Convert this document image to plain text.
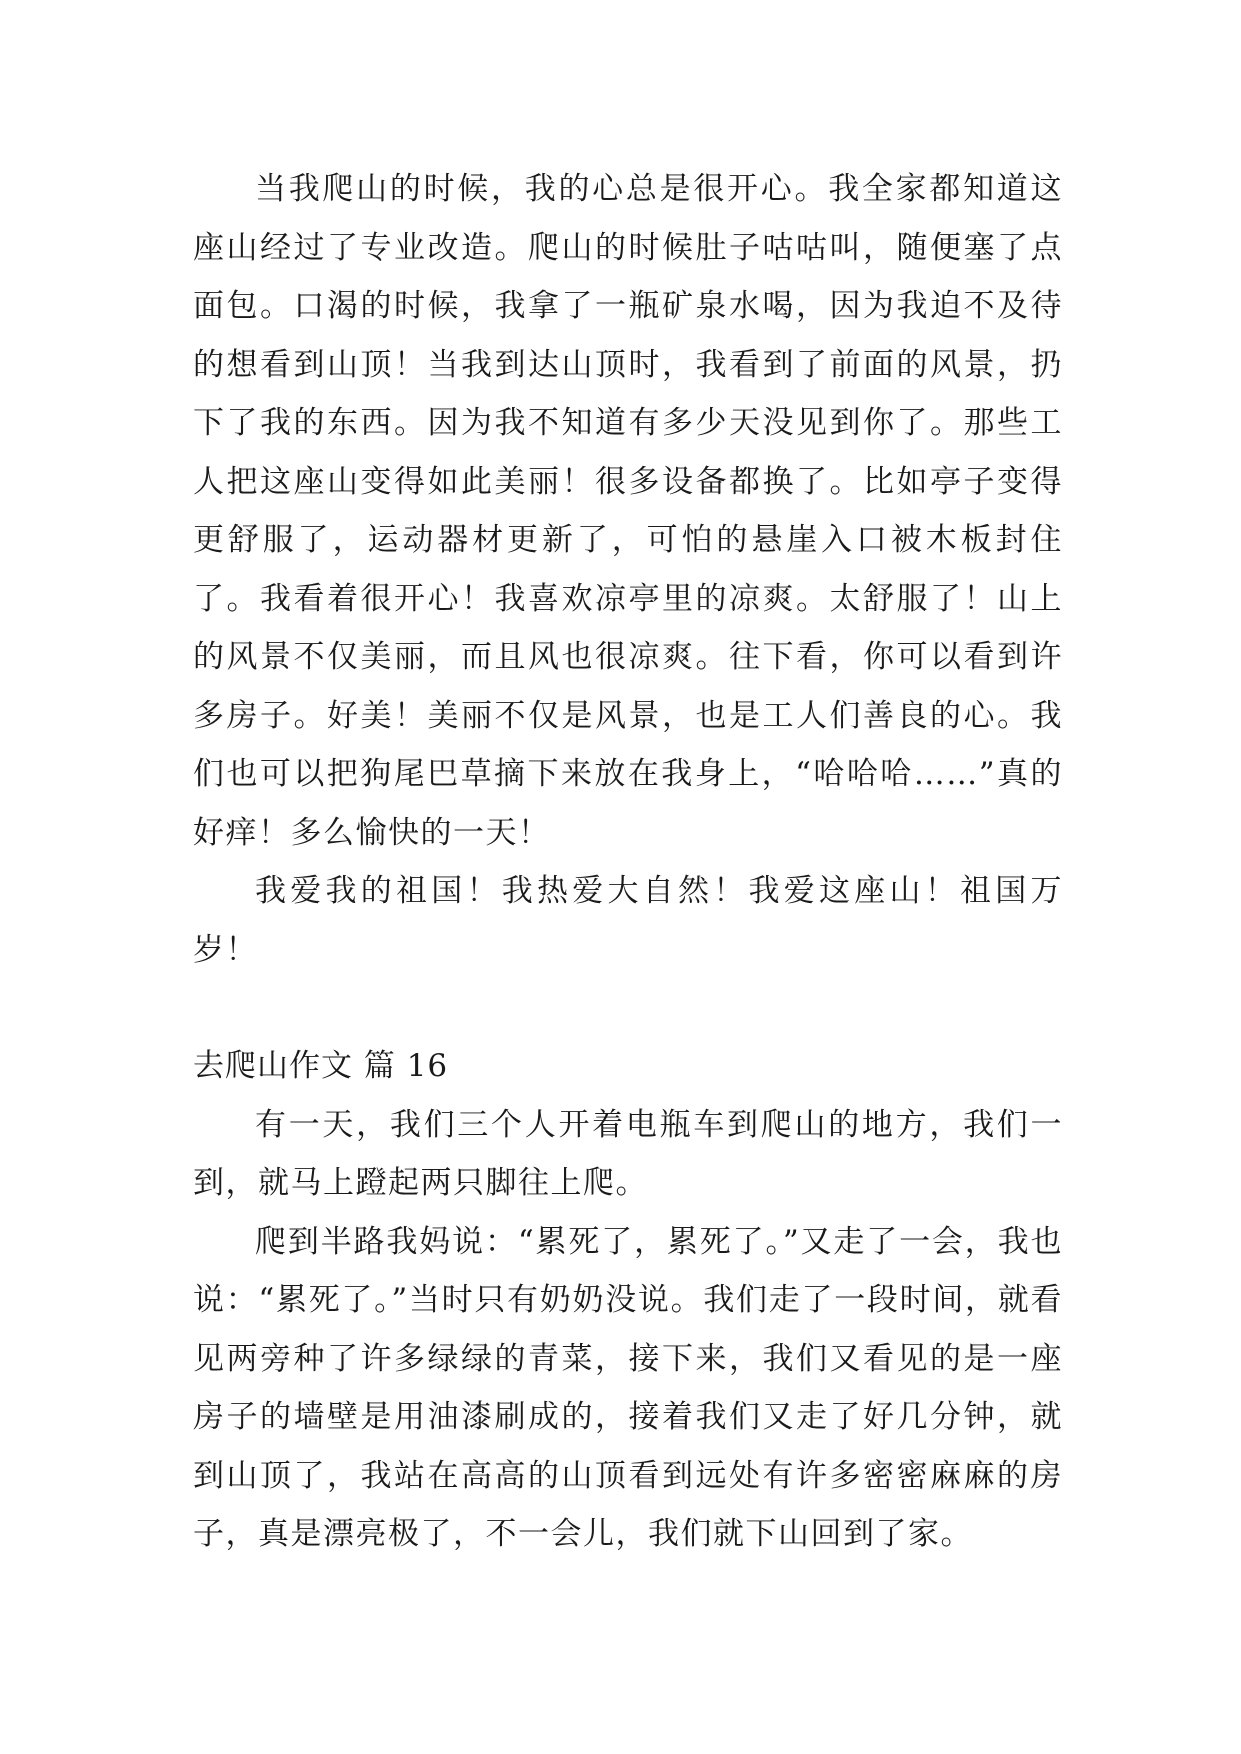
当我爬山的时候，我的心总是很开心。我全家都知道这座山经过了专业改造。爬山的时候肚子咕咕叫，随便塞了点面包。口渴的时候，我拿了一瓶矿泉水喝，因为我迫不及待的想看到山顶！当我到达山顶时，我看到了前面的风景，扔下了我的东西。因为我不知道有多少天没见到你了。那些工人把这座山变得如此美丽！很多设备都换了。比如亭子变得更舒服了，运动器材更新了，可怕的悬崖入口被木板封住了。我看着很开心！我喜欢凉亭里的凉爽。太舒服了！山上的风景不仅美丽，而且风也很凉爽。往下看，你可以看到许多房子。好美！美丽不仅是风景，也是工人们善良的心。我们也可以把狗尾巴草摘下来放在我身上，“哈哈哈……”真的好痒！多么愉快的一天！

我爱我的祖国！我热爱大自然！我爱这座山！祖国万岁！

去爬山作文 篇 16

有一天，我们三个人开着电瓶车到爬山的地方，我们一到，就马上蹬起两只脚往上爬。

爬到半路我妈说：“累死了，累死了。”又走了一会，我也说：“累死了。”当时只有奶奶没说。我们走了一段时间，就看见两旁种了许多绿绿的青菜，接下来，我们又看见的是一座房子的墙壁是用油漆刷成的，接着我们又走了好几分钟，就到山顶了，我站在高高的山顶看到远处有许多密密麻麻的房子，真是漂亮极了，不一会儿，我们就下山回到了家。
